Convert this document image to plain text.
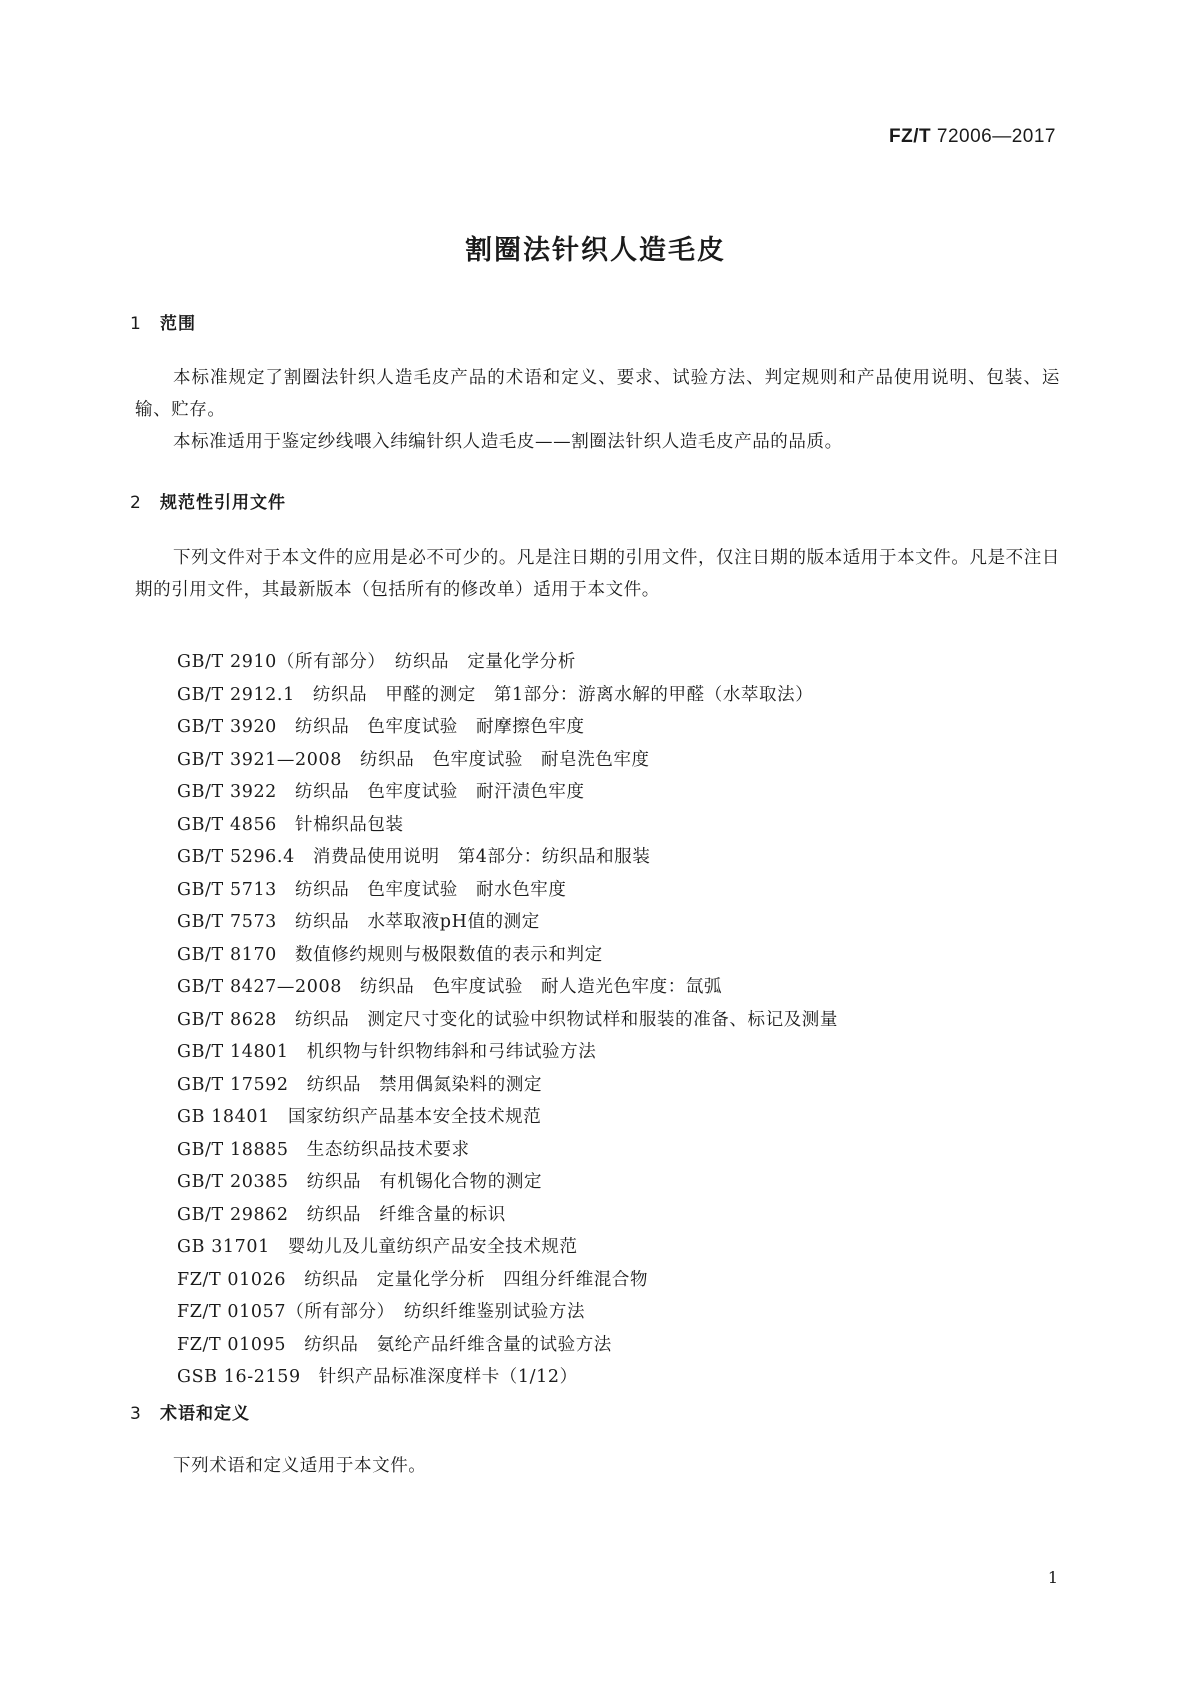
FZ/T 72006—2017
割圈法针织人造毛皮
1 范围

本标准规定了割圈法针织人造毛皮产品的术语和定义、要求、试验方法、判定规则和产品使用说明、包装、运输、贮存。

本标准适用于鉴定纱线喂入纬编针织人造毛皮——割圈法针织人造毛皮产品的品质。

2 规范性引用文件

下列文件对于本文件的应用是必不可少的。凡是注日期的引用文件，仅注日期的版本适用于本文件。凡是不注日期的引用文件，其最新版本（包括所有的修改单）适用于本文件。

GB/T 2910（所有部分）　纺织品　定量化学分析
GB/T 2912.1　纺织品　甲醛的测定　第1部分：游离水解的甲醛（水萃取法）
GB/T 3920　纺织品　色牢度试验　耐摩擦色牢度
GB/T 3921—2008　纺织品　色牢度试验　耐皂洗色牢度
GB/T 3922　纺织品　色牢度试验　耐汗渍色牢度
GB/T 4856　针棉织品包装
GB/T 5296.4　消费品使用说明　第4部分：纺织品和服装
GB/T 5713　纺织品　色牢度试验　耐水色牢度
GB/T 7573　纺织品　水萃取液pH值的测定
GB/T 8170　数值修约规则与极限数值的表示和判定
GB/T 8427—2008　纺织品　色牢度试验　耐人造光色牢度：氙弧
GB/T 8628　纺织品　测定尺寸变化的试验中织物试样和服装的准备、标记及测量
GB/T 14801　机织物与针织物纬斜和弓纬试验方法
GB/T 17592　纺织品　禁用偶氮染料的测定
GB 18401　国家纺织产品基本安全技术规范
GB/T 18885　生态纺织品技术要求
GB/T 20385　纺织品　有机锡化合物的测定
GB/T 29862　纺织品　纤维含量的标识
GB 31701　婴幼儿及儿童纺织产品安全技术规范
FZ/T 01026　纺织品　定量化学分析　四组分纤维混合物
FZ/T 01057（所有部分）　纺织纤维鉴别试验方法
FZ/T 01095　纺织品　氨纶产品纤维含量的试验方法
GSB 16-2159　针织产品标准深度样卡（1/12）
3 术语和定义

下列术语和定义适用于本文件。

1
